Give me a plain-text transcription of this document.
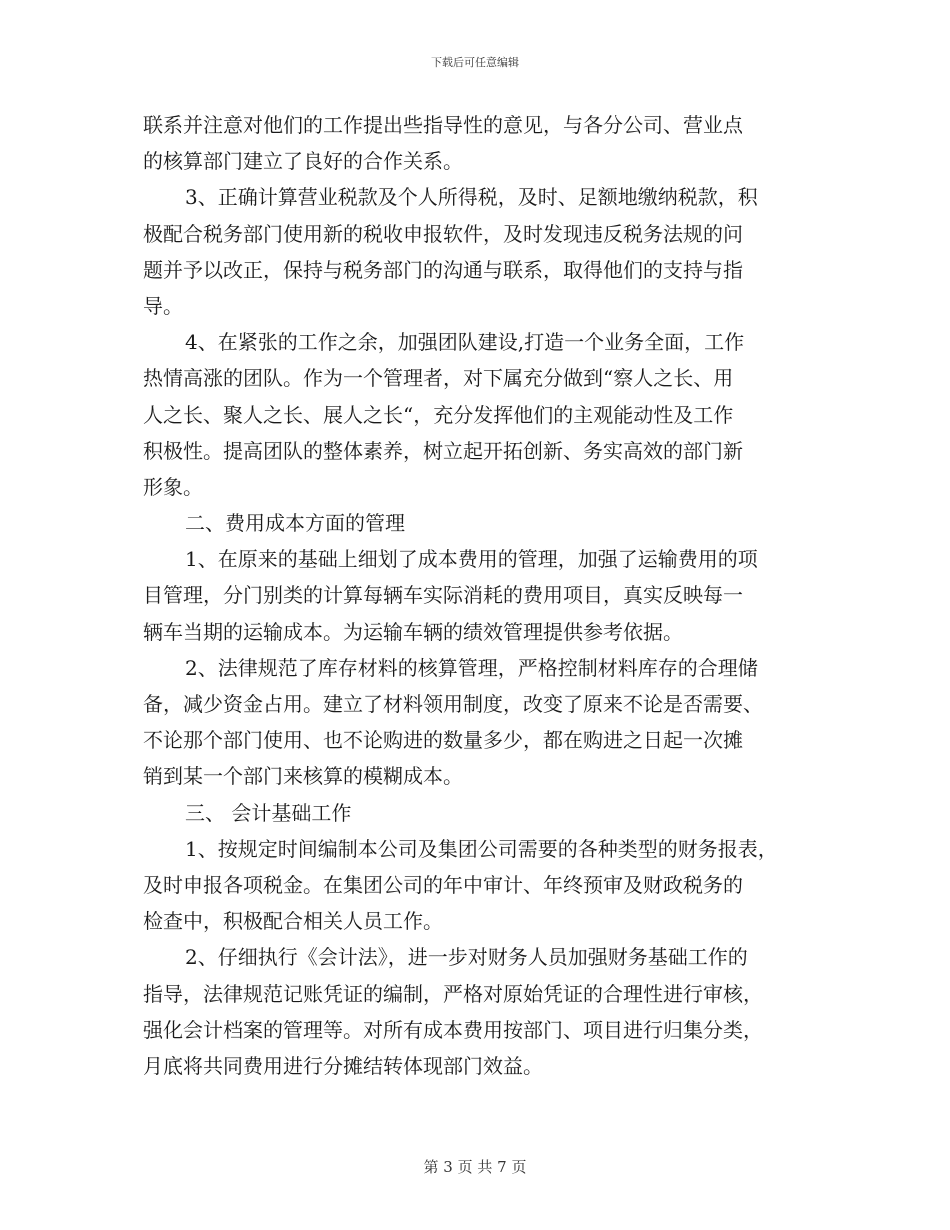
下载后可任意编辑
联系并注意对他们的工作提出些指导性的意见，与各分公司、营业点
的核算部门建立了良好的合作关系。
3、正确计算营业税款及个人所得税，及时、足额地缴纳税款，积
极配合税务部门使用新的税收申报软件，及时发现违反税务法规的问
题并予以改正，保持与税务部门的沟通与联系，取得他们的支持与指
导。
4、在紧张的工作之余，加强团队建设,打造一个业务全面，工作
热情高涨的团队。作为一个管理者，对下属充分做到“察人之长、用
人之长、聚人之长、展人之长“，充分发挥他们的主观能动性及工作
积极性。提高团队的整体素养，树立起开拓创新、务实高效的部门新
形象。
二、费用成本方面的管理
1、在原来的基础上细划了成本费用的管理，加强了运输费用的项
目管理，分门别类的计算每辆车实际消耗的费用项目，真实反映每一
辆车当期的运输成本。为运输车辆的绩效管理提供参考依据。
2、法律规范了库存材料的核算管理，严格控制材料库存的合理储
备，减少资金占用。建立了材料领用制度，改变了原来不论是否需要、
不论那个部门使用、也不论购进的数量多少，都在购进之日起一次摊
销到某一个部门来核算的模糊成本。
三、 会计基础工作
1、按规定时间编制本公司及集团公司需要的各种类型的财务报表，
及时申报各项税金。在集团公司的年中审计、年终预审及财政税务的
检查中，积极配合相关人员工作。
2、仔细执行《会计法》，进一步对财务人员加强财务基础工作的
指导，法律规范记账凭证的编制，严格对原始凭证的合理性进行审核，
强化会计档案的管理等。对所有成本费用按部门、项目进行归集分类，
月底将共同费用进行分摊结转体现部门效益。
第 3 页 共 7 页
